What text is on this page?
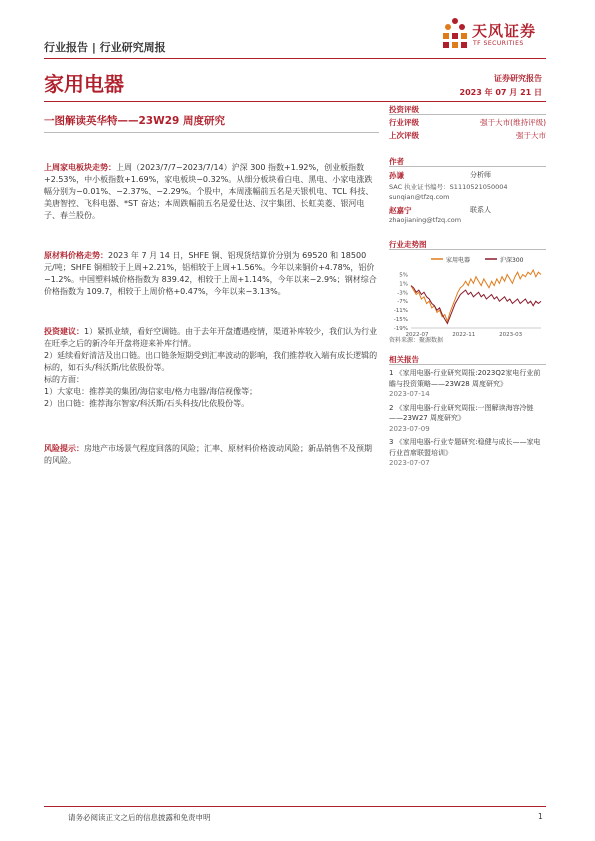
行业报告 | 行业研究周报
天风证券
TF SECURITIES
家用电器	证券研究报告
2023 年 07 月 21 日
一图解读英华特——23W29 周度研究
投资评级
行业评级	强于大市(维持评级)
上次评级	强于大市
作者
孙谦	分析师
SAC 执业证书编号：S1110521050004
sunqian@tfzq.com
赵嘉宁	联系人
zhaojianing@tfzq.com
行业走势图
家用电器	沪深300
5%
1%
-3%
-7%
-11%
-15%
-19%
2022-07	2022-11	2023-03
资料来源：聚源数据
相关报告
1 《家用电器-行业研究周报:2023Q2家电行业前瞻与投资策略——23W28 周度研究》
2023-07-14
2 《家用电器-行业研究周报:一图解读海容冷链——23W27 周度研究》
2023-07-09
3 《家用电器-行业专题研究:稳健与成长——家电行业首席联盟培训》
2023-07-07
上周家电板块走势：上周（2023/7/7−2023/7/14）沪深 300 指数+1.92%，创业板指数+2.53%，中小板指数+1.69%，家电板块−0.32%。从细分板块看白电、黑电、小家电涨跌幅分别为−0.01%、−2.37%、−2.29%。个股中，本周涨幅前五名是天银机电、TCL 科技、美唐智控、飞科电器、*ST 奋达；本周跌幅前五名是爱仕达、汉宇集团、长虹美菱、银河电子、春兰股份。
原材料价格走势：2023 年 7 月 14 日，SHFE 铜、铝现货结算价分别为 69520 和 18500 元/吨；SHFE 铜相较于上周+2.21%，铝相较于上周+1.56%。今年以来铜价+4.78%，铝价−1.2%。中国塑料城价格指数为 839.42，相较于上周+1.14%，今年以来−2.9%；钢材综合价格指数为 109.7，相较于上周价格+0.47%，今年以来−3.13%。
投资建议：1）紧抓业绩，看好空调链。由于去年开盘遭遇疫情，渠道补库较少，我们认为行业在旺季之后的新冷年开盘将迎来补库行情。
2）延续看好清洁及出口链。出口链条短期受到汇率波动的影响，我们推荐收入端有成长逻辑的标的，如石头/科沃斯/比依股份等。
标的方面：
1）大家电：推荐美的集团/海信家电/格力电器/海信视像等；
2）出口链：推荐海尔智家/科沃斯/石头科技/比依股份等。
风险提示：房地产市场景气程度回落的风险；汇率、原材料价格波动风险；新品销售不及预期的风险。
请务必阅读正文之后的信息披露和免责申明	1
